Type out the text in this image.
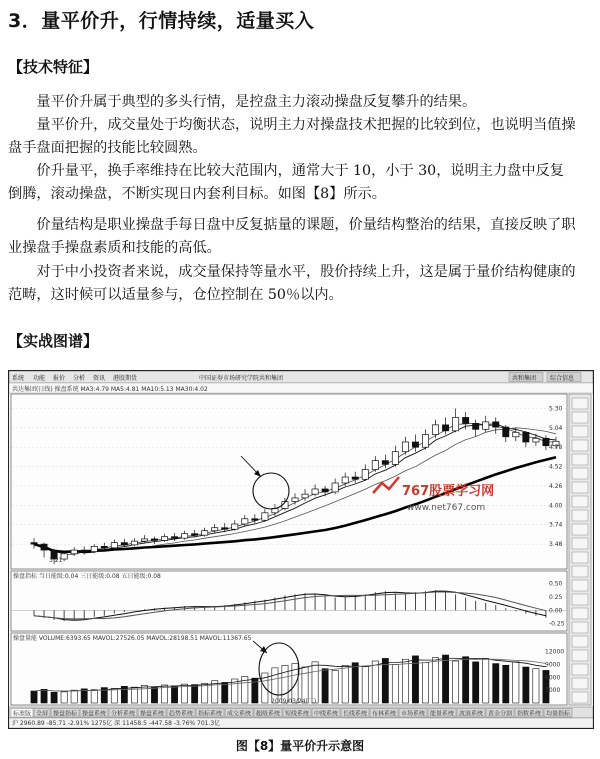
3．量平价升，行情持续，适量买入
【技术特征】

量平价升属于典型的多头行情，是控盘主力滚动操盘反复攀升的结果。

量平价升，成交量处于均衡状态，说明主力对操盘技术把握的比较到位，也说明当值操盘手盘面把握的技能比较圆熟。

价升量平，换手率维持在比较大范围内，通常大于 10，小于 30，说明主力盘中反复倒腾，滚动操盘，不断实现日内套利目标。如图【8】所示。

价量结构是职业操盘手每日盘中反复掂量的课题，价量结构整治的结果，直接反映了职业操盘手操盘素质和技能的高低。

对于中小投资者来说，成交量保持等量水平，股价持续上升，这是属于量价结构健康的范畴，这时候可以适量参与，仓位控制在 50％以内。

【实战图谱】
系统 功能 报价 分析 资讯 港股期货	中国证券市场研究学院 共和集团	共和集团 综合信息
共达集团(日线) 操盘系统 MA3:4.79 MA5:4.81 MA10:5.13 MA30:4.02
3.21
操盘指标 当日能级:0.04 三日能级:0.08 五日能级:0.08
操盘量能 VOLUME:6393.65 MAVOL:27526.05 MAVOL:28198.51 MAVOL:11367.65
2009/03/24(二)
5.30
5.04
4.78
4.52
4.26
4.00
3.74
3.48
0.50
0.25
0.00
-0.25
12000
9000
6000
3000
标准版 全屏 操盘指标 操盘系统 分析系统 操盘系统 趋势系统 指标系统 成交系统 超级系统 短线系统 中线系统 长线系统 布林系统 市场系统 能量系统 波浪系统 黄金分割 指数系统 均量指标
沪 2960.89 -85.71 -2.91% 1275亿 深 11458.5 -447.58 -3.76% 701.3亿
767股票学习网
www.net767.com
图【8】量平价升示意图
